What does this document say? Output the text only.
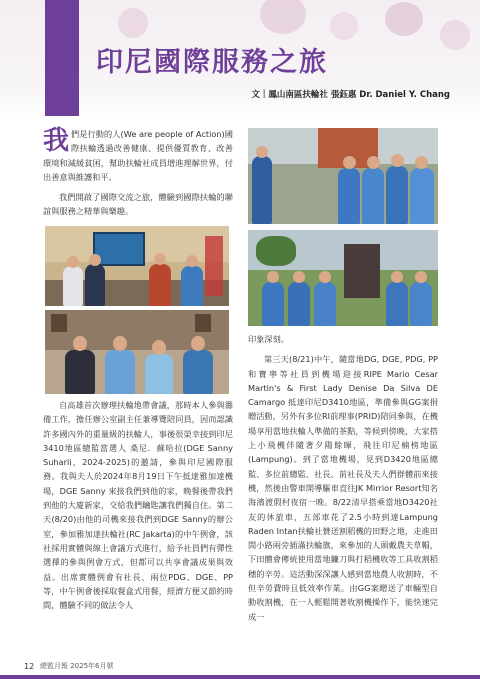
印尼國際服務之旅
文｜鳳山南區扶輪社 張鈺惠 Dr. Daniel Y. Chang

我 們是行動的人(We are people of Action)國際扶輪透過改善健康、提供優質教育、改善環境和減緩貧困，幫助扶輪社成員增進理解世界，付出善意與維護和平。

我們開啟了國際交流之旅，體驗到國際扶輪的聯誼與服務之精華與樂趣。

自高雄首次辦理扶輪地帶會議，那時本人參與籌備工作，擔任辦公室副主任兼導覽陪同員，因而認識許多國內外的重量級的扶輪人，事後很榮幸接到印尼3410地區總監當選人 桑尼．蘇哈拉(DGE Sanny Suharli，2024-2025)的邀請，參與印尼國際服務。我與夫人於2024年8月19日下午抵達雅加達機場，DGE Sanny 來接我們到他的家，晚餐後帶我們到他的大廈新家，交給我們鑰匙讓我們獨自住。第二天(8/20)由他的司機來接我們到DGE Sanny的辦公室，參加雅加達扶輪社(RC Jakarta)的中午例會，該社採用實體與線上會議方式進行，給予社員們有彈性選擇的參與例會方式，但都可以共享會議成果與效益。出席實體例會有社長、兩位PDG、DGE、PP等，中午例會後採取餐盒式用餐，經濟方便又節約時間，體驗不同的做法令人

印象深刻。

第三天(8/21)中午，隨當地DG, DGE, PDG, PP和寶寧等社員到機場迎接RIPE Mario Cesar Martin's & First Lady Denise Da Silva DE Camargo 抵達印尼D3410地區，準備參與GG案捐贈活動，另外有多位RI前理事(PRID)陪同參與，在機場享用當地扶輪人準備的茶點，等候到傍晚，大家搭上小飛機伴隨著夕陽餘暉，飛往印尼楠榜地區(Lampung)。到了當地機場，見到D3420地區總監、多位前總監、社長、前社長及夫人們群體前來接機，然後由警車開導驅車直往JK Mirrior Resort知名海濱渡假村夜宿一晚。8/22清早搭乘當地D3420社友的休旅車，五部車花了2.5小時到達Lampung Raden Intan扶輪社贊送割稻機的田野之地，走進田間小路兩旁插滿扶輪旗，來參加的人頭戴農夫草帽，下田體會傳統使用當地鐮刀與打稻機收等工具收割稻穗的辛勞。這活動深深讓人感到當地農人收割時，不但辛勞費時且低效率作業。由GG案贈送了車輛型自動收割機，在一人輕鬆開著收割機操作下，能快速完成一

12 總監月報 2025年6月號
